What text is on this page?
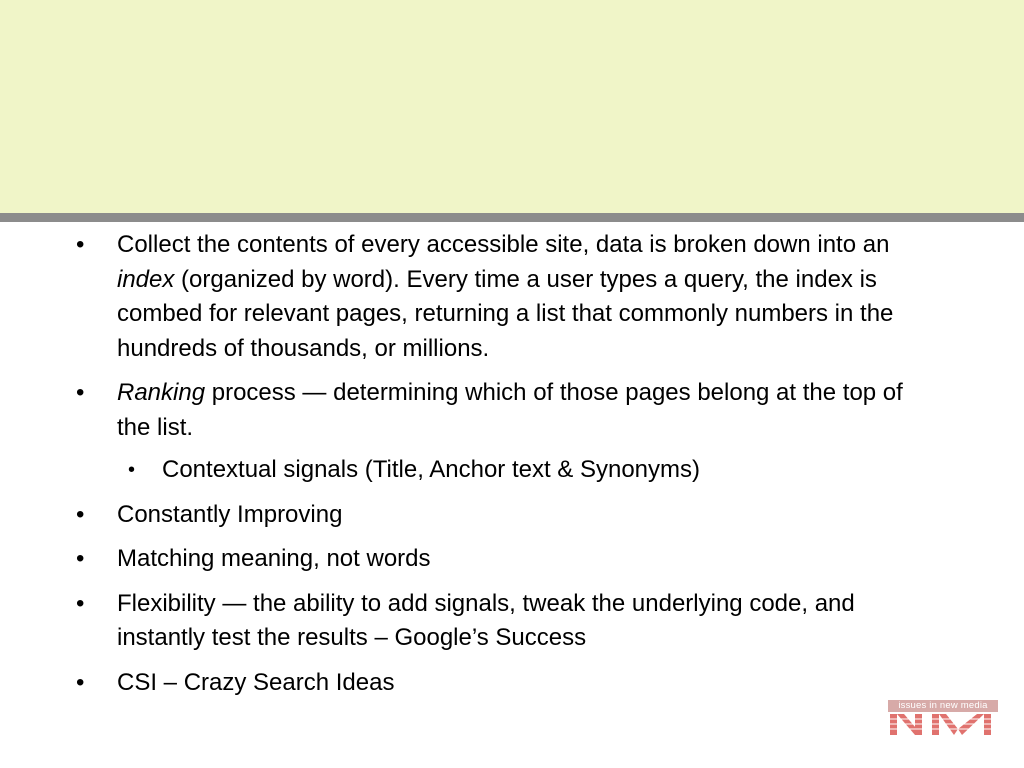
• Collect the contents of every accessible site, data is broken down into an index (organized by word). Every time a user types a query, the index is combed for relevant pages, returning a list that commonly numbers in the hundreds of thousands, or millions.
• Ranking process — determining which of those pages belong at the top of the list.
• Contextual signals (Title, Anchor text & Synonyms)
• Constantly Improving
• Matching meaning, not words
• Flexibility — the ability to add signals, tweak the underlying code, and instantly test the results – Google’s Success
• CSI – Crazy Search Ideas
issues in new media
